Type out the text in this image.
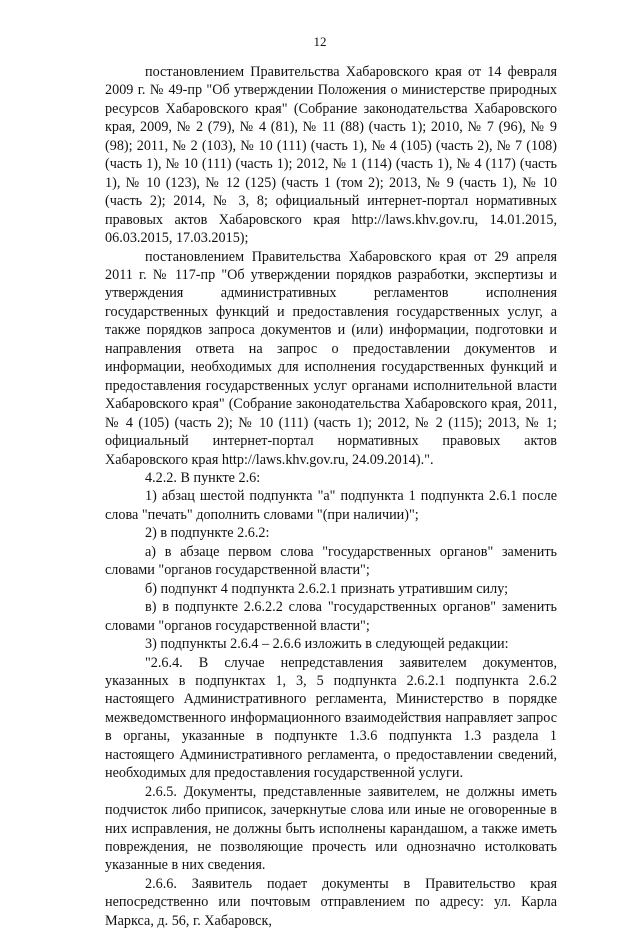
12

постановлением Правительства Хабаровского края от 14 февраля 2009 г. № 49-пр "Об утверждении Положения о министерстве природных ресурсов Хабаровского края" (Собрание законодательства Хабаровского края, 2009, № 2 (79), № 4 (81), № 11 (88) (часть 1); 2010, № 7 (96), № 9 (98); 2011, № 2 (103), № 10 (111) (часть 1), № 4 (105) (часть 2), № 7 (108) (часть 1), № 10 (111) (часть 1); 2012, № 1 (114) (часть 1), № 4 (117) (часть 1), № 10 (123), № 12 (125) (часть 1 (том 2); 2013, № 9 (часть 1), № 10 (часть 2); 2014, № 3, 8; официальный интернет-портал нормативных правовых актов Хабаровского края http://laws.khv.gov.ru, 14.01.2015, 06.03.2015, 17.03.2015);

постановлением Правительства Хабаровского края от 29 апреля 2011 г. № 117-пр "Об утверждении порядков разработки, экспертизы и утверждения административных регламентов исполнения государственных функций и предоставления государственных услуг, а также порядков запроса документов и (или) информации, подготовки и направления ответа на запрос о предоставлении документов и информации, необходимых для исполнения государственных функций и предоставления государственных услуг органами исполнительной власти Хабаровского края" (Собрание законодательства Хабаровского края, 2011, № 4 (105) (часть 2); № 10 (111) (часть 1); 2012, № 2 (115); 2013, № 1; официальный интернет-портал нормативных правовых актов Хабаровского края http://laws.khv.gov.ru, 24.09.2014).".

4.2.2. В пункте 2.6:

1) абзац шестой подпункта "а" подпункта 1 подпункта 2.6.1 после слова "печать" дополнить словами "(при наличии)";

2) в подпункте 2.6.2:

а) в абзаце первом слова "государственных органов" заменить словами "органов государственной власти";

б) подпункт 4 подпункта 2.6.2.1 признать утратившим силу;

в) в подпункте 2.6.2.2 слова "государственных органов" заменить словами "органов государственной власти";

3) подпункты 2.6.4 – 2.6.6 изложить в следующей редакции:

"2.6.4. В случае непредставления заявителем документов, указанных в подпунктах 1, 3, 5 подпункта 2.6.2.1 подпункта 2.6.2 настоящего Административного регламента, Министерство в порядке межведомственного информационного взаимодействия направляет запрос в органы, указанные в подпункте 1.3.6 подпункта 1.3 раздела 1 настоящего Административного регламента, о предоставлении сведений, необходимых для предоставления государственной услуги.

2.6.5. Документы, представленные заявителем, не должны иметь подчисток либо приписок, зачеркнутые слова или иные не оговоренные в них исправления, не должны быть исполнены карандашом, а также иметь повреждения, не позволяющие прочесть или однозначно истолковать указанные в них сведения.

2.6.6. Заявитель подает документы в Правительство края непосредственно или почтовым отправлением по адресу: ул. Карла Маркса, д. 56, г. Хабаровск,
